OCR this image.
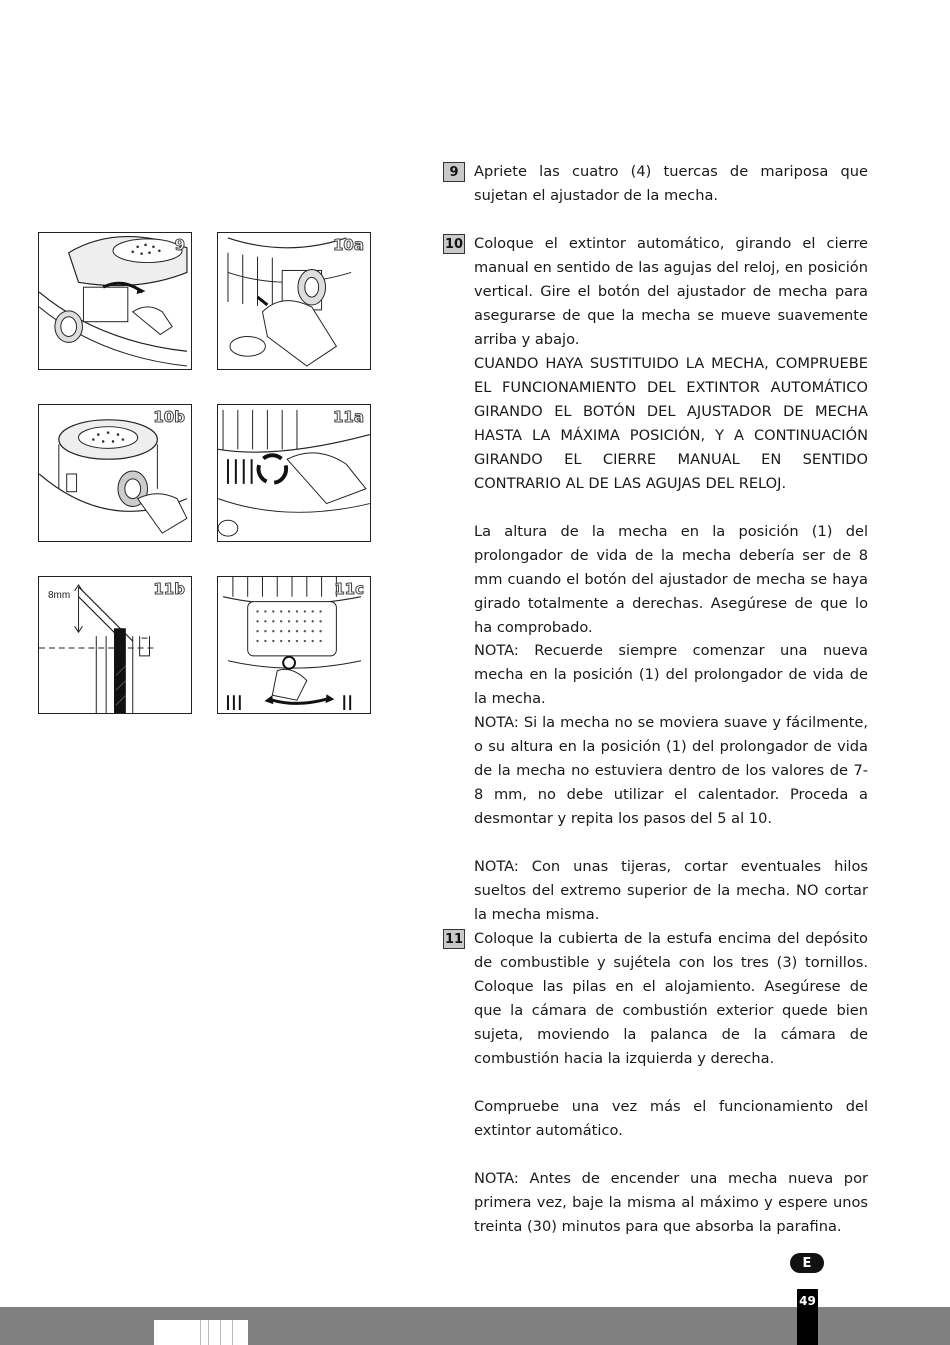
9	10a
10b	11a
8mm	11b	11c
9	Apriete las cuatro (4) tuercas de mariposa que sujetan el ajustador de la mecha.

10 Coloque el extintor automático, girando el cierre manual en sentido de las agujas del reloj, en posición vertical. Gire el botón del ajustador de mecha para asegurarse de que la mecha se mueve suavemente arriba y abajo.

CUANDO HAYA SUSTITUIDO LA MECHA, COMPRUEBE EL FUNCIONAMIENTO DEL EXTINTOR AUTOMÁTICO GIRANDO EL BOTÓN DEL AJUSTADOR DE MECHA HASTA LA MÁXIMA POSICIÓN, Y A CONTINUACIÓN GIRANDO EL CIERRE MANUAL EN SENTIDO CONTRARIO AL DE LAS AGUJAS DEL RELOJ.

La altura de la mecha en la posición (1) del prolongador de vida de la mecha debería ser de 8 mm cuando el botón del ajustador de mecha se haya girado totalmente a derechas. Asegúrese de que lo ha comprobado.

NOTA: Recuerde siempre comenzar una nueva mecha en la posición (1) del prolongador de vida de la mecha.

NOTA: Si la mecha no se moviera suave y fácilmente, o su altura en la posición (1) del prolongador de vida de la mecha no estuviera dentro de los valores de 7-8 mm, no debe utilizar el calentador. Proceda a desmontar y repita los pasos del 5 al 10.

NOTA: Con unas tijeras, cortar eventuales hilos sueltos del extremo superior de la mecha. NO cortar la mecha misma.

11 Coloque la cubierta de la estufa encima del depósito de combustible y sujétela con los tres (3) tornillos. Coloque las pilas en el alojamiento. Asegúrese de que la cámara de combustión exterior quede bien sujeta, moviendo la palanca de la cámara de combustión hacia la izquierda y derecha.

Compruebe una vez más el funcionamiento del extintor automático.

NOTA: Antes de encender una mecha nueva por primera vez, baje la misma al máximo y espere unos treinta (30) minutos para que absorba la parafina.

E
49
